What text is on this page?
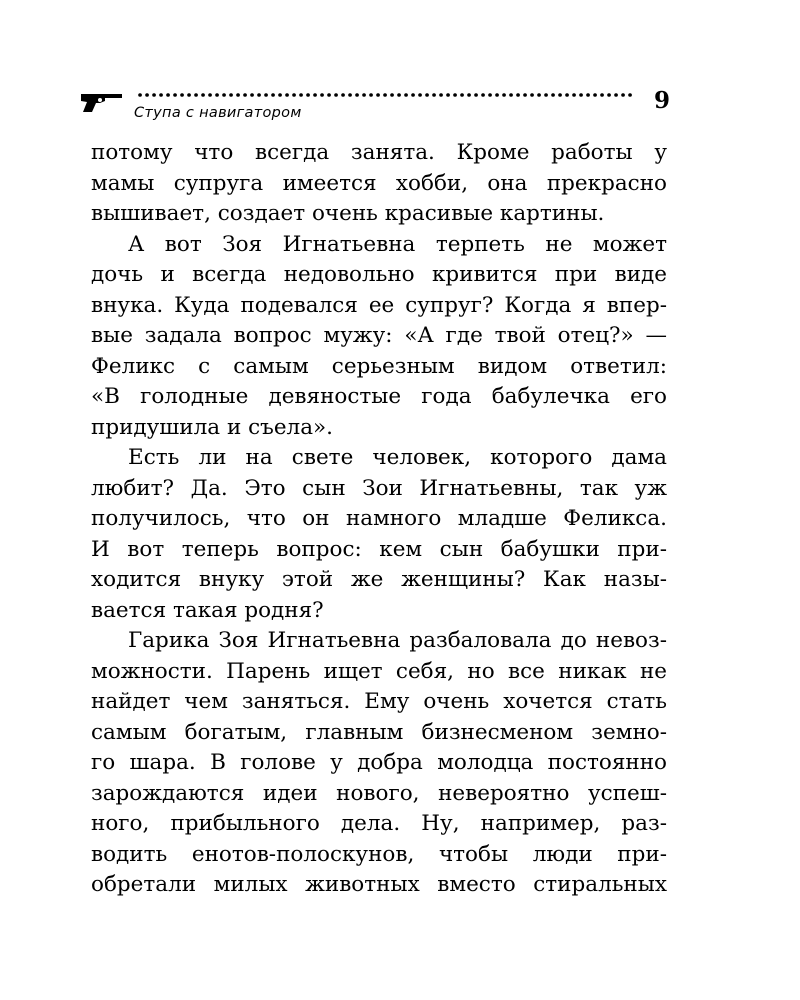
9
Ступа с навигатором
потому что всегда занята. Кроме работы у
мамы супруга имеется хобби, она прекрасно
вышивает, создает очень красивые картины.
А вот Зоя Игнатьевна терпеть не может
дочь и всегда недовольно кривится при виде
внука. Куда подевался ее супруг? Когда я впер-
вые задала вопрос мужу: «А где твой отец?» —
Феликс с самым серьезным видом ответил:
«В голодные девяностые года бабулечка его
придушила и съела».
Есть ли на свете человек, которого дама
любит? Да. Это сын Зои Игнатьевны, так уж
получилось, что он намного младше Феликса.
И вот теперь вопрос: кем сын бабушки при-
ходится внуку этой же женщины? Как назы-
вается такая родня?
Гарика Зоя Игнатьевна разбаловала до невоз-
можности. Парень ищет себя, но все никак не
найдет чем заняться. Ему очень хочется стать
самым богатым, главным бизнесменом земно-
го шара. В голове у добра молодца постоянно
зарождаются идеи нового, невероятно успеш-
ного, прибыльного дела. Ну, например, раз-
водить енотов-полоскунов, чтобы люди при-
обретали милых животных вместо стиральных
